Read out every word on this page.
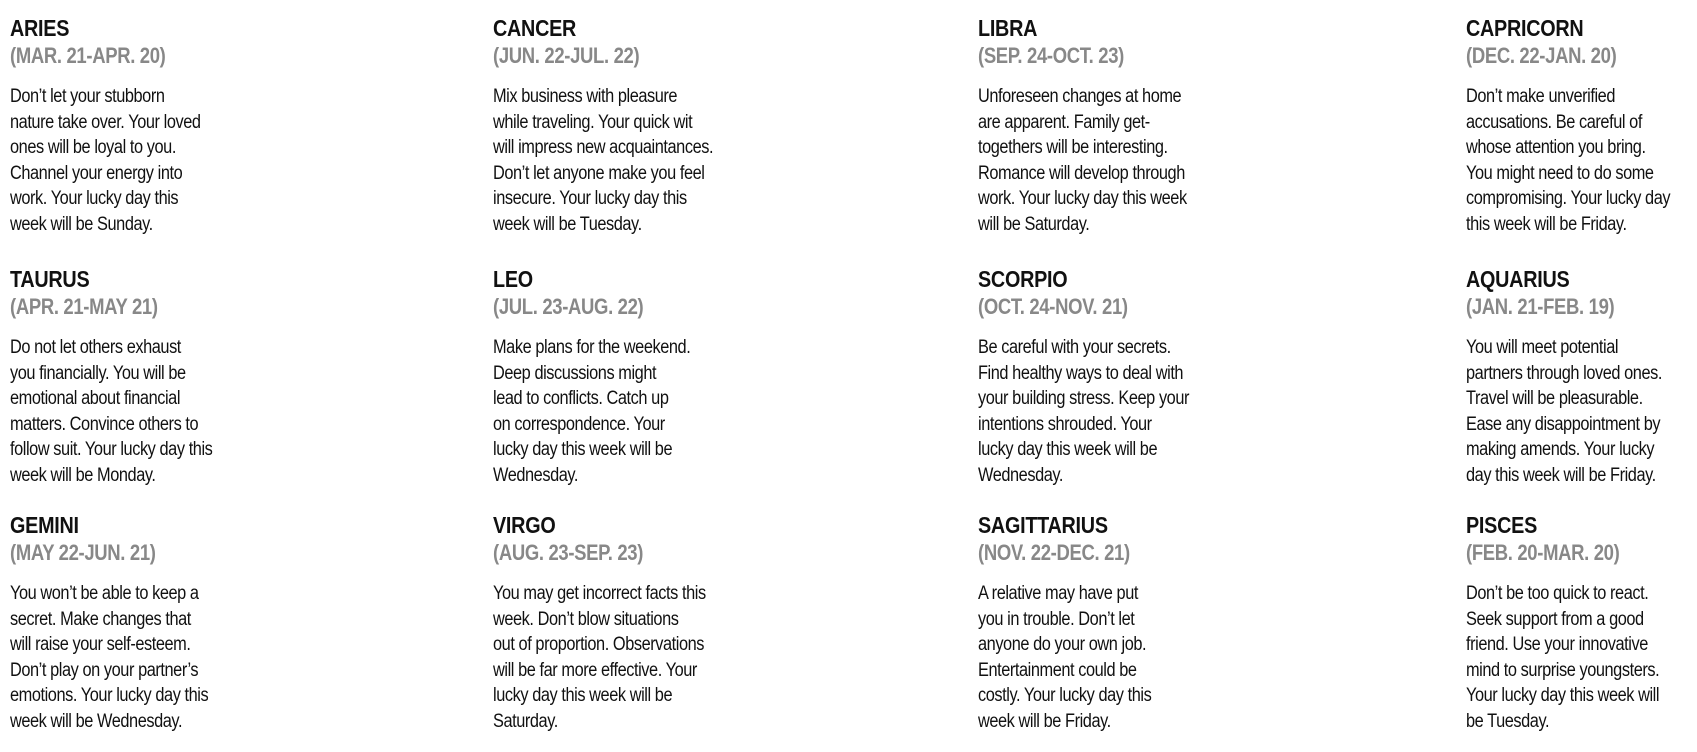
ARIES
(MAR. 21-APR. 20)
Don’t let your stubborn
nature take over. Your loved
ones will be loyal to you.
Channel your energy into
work. Your lucky day this
week will be Sunday.
TAURUS
(APR. 21-MAY 21)
Do not let others exhaust
you financially. You will be
emotional about financial
matters. Convince others to
follow suit. Your lucky day this
week will be Monday.
GEMINI
(MAY 22-JUN. 21)
You won’t be able to keep a
secret. Make changes that
will raise your self-esteem.
Don’t play on your partner’s
emotions. Your lucky day this
week will be Wednesday.
CANCER
(JUN. 22-JUL. 22)
Mix business with pleasure
while traveling. Your quick wit
will impress new acquaintances.
Don’t let anyone make you feel
insecure. Your lucky day this
week will be Tuesday.
LEO
(JUL. 23-AUG. 22)
Make plans for the weekend.
Deep discussions might
lead to conflicts. Catch up
on correspondence. Your
lucky day this week will be
Wednesday.
VIRGO
(AUG. 23-SEP. 23)
You may get incorrect facts this
week. Don’t blow situations
out of proportion. Observations
will be far more effective. Your
lucky day this week will be
Saturday.
LIBRA
(SEP. 24-OCT. 23)
Unforeseen changes at home
are apparent. Family get-
togethers will be interesting.
Romance will develop through
work. Your lucky day this week
will be Saturday.
SCORPIO
(OCT. 24-NOV. 21)
Be careful with your secrets.
Find healthy ways to deal with
your building stress. Keep your
intentions shrouded. Your
lucky day this week will be
Wednesday.
SAGITTARIUS
(NOV. 22-DEC. 21)
A relative may have put
you in trouble. Don’t let
anyone do your own job.
Entertainment could be
costly. Your lucky day this
week will be Friday.
CAPRICORN
(DEC. 22-JAN. 20)
Don’t make unverified
accusations. Be careful of
whose attention you bring.
You might need to do some
compromising. Your lucky day
this week will be Friday.
AQUARIUS
(JAN. 21-FEB. 19)
You will meet potential
partners through loved ones.
Travel will be pleasurable.
Ease any disappointment by
making amends. Your lucky
day this week will be Friday.
PISCES
(FEB. 20-MAR. 20)
Don’t be too quick to react.
Seek support from a good
friend. Use your innovative
mind to surprise youngsters.
Your lucky day this week will
be Tuesday.
